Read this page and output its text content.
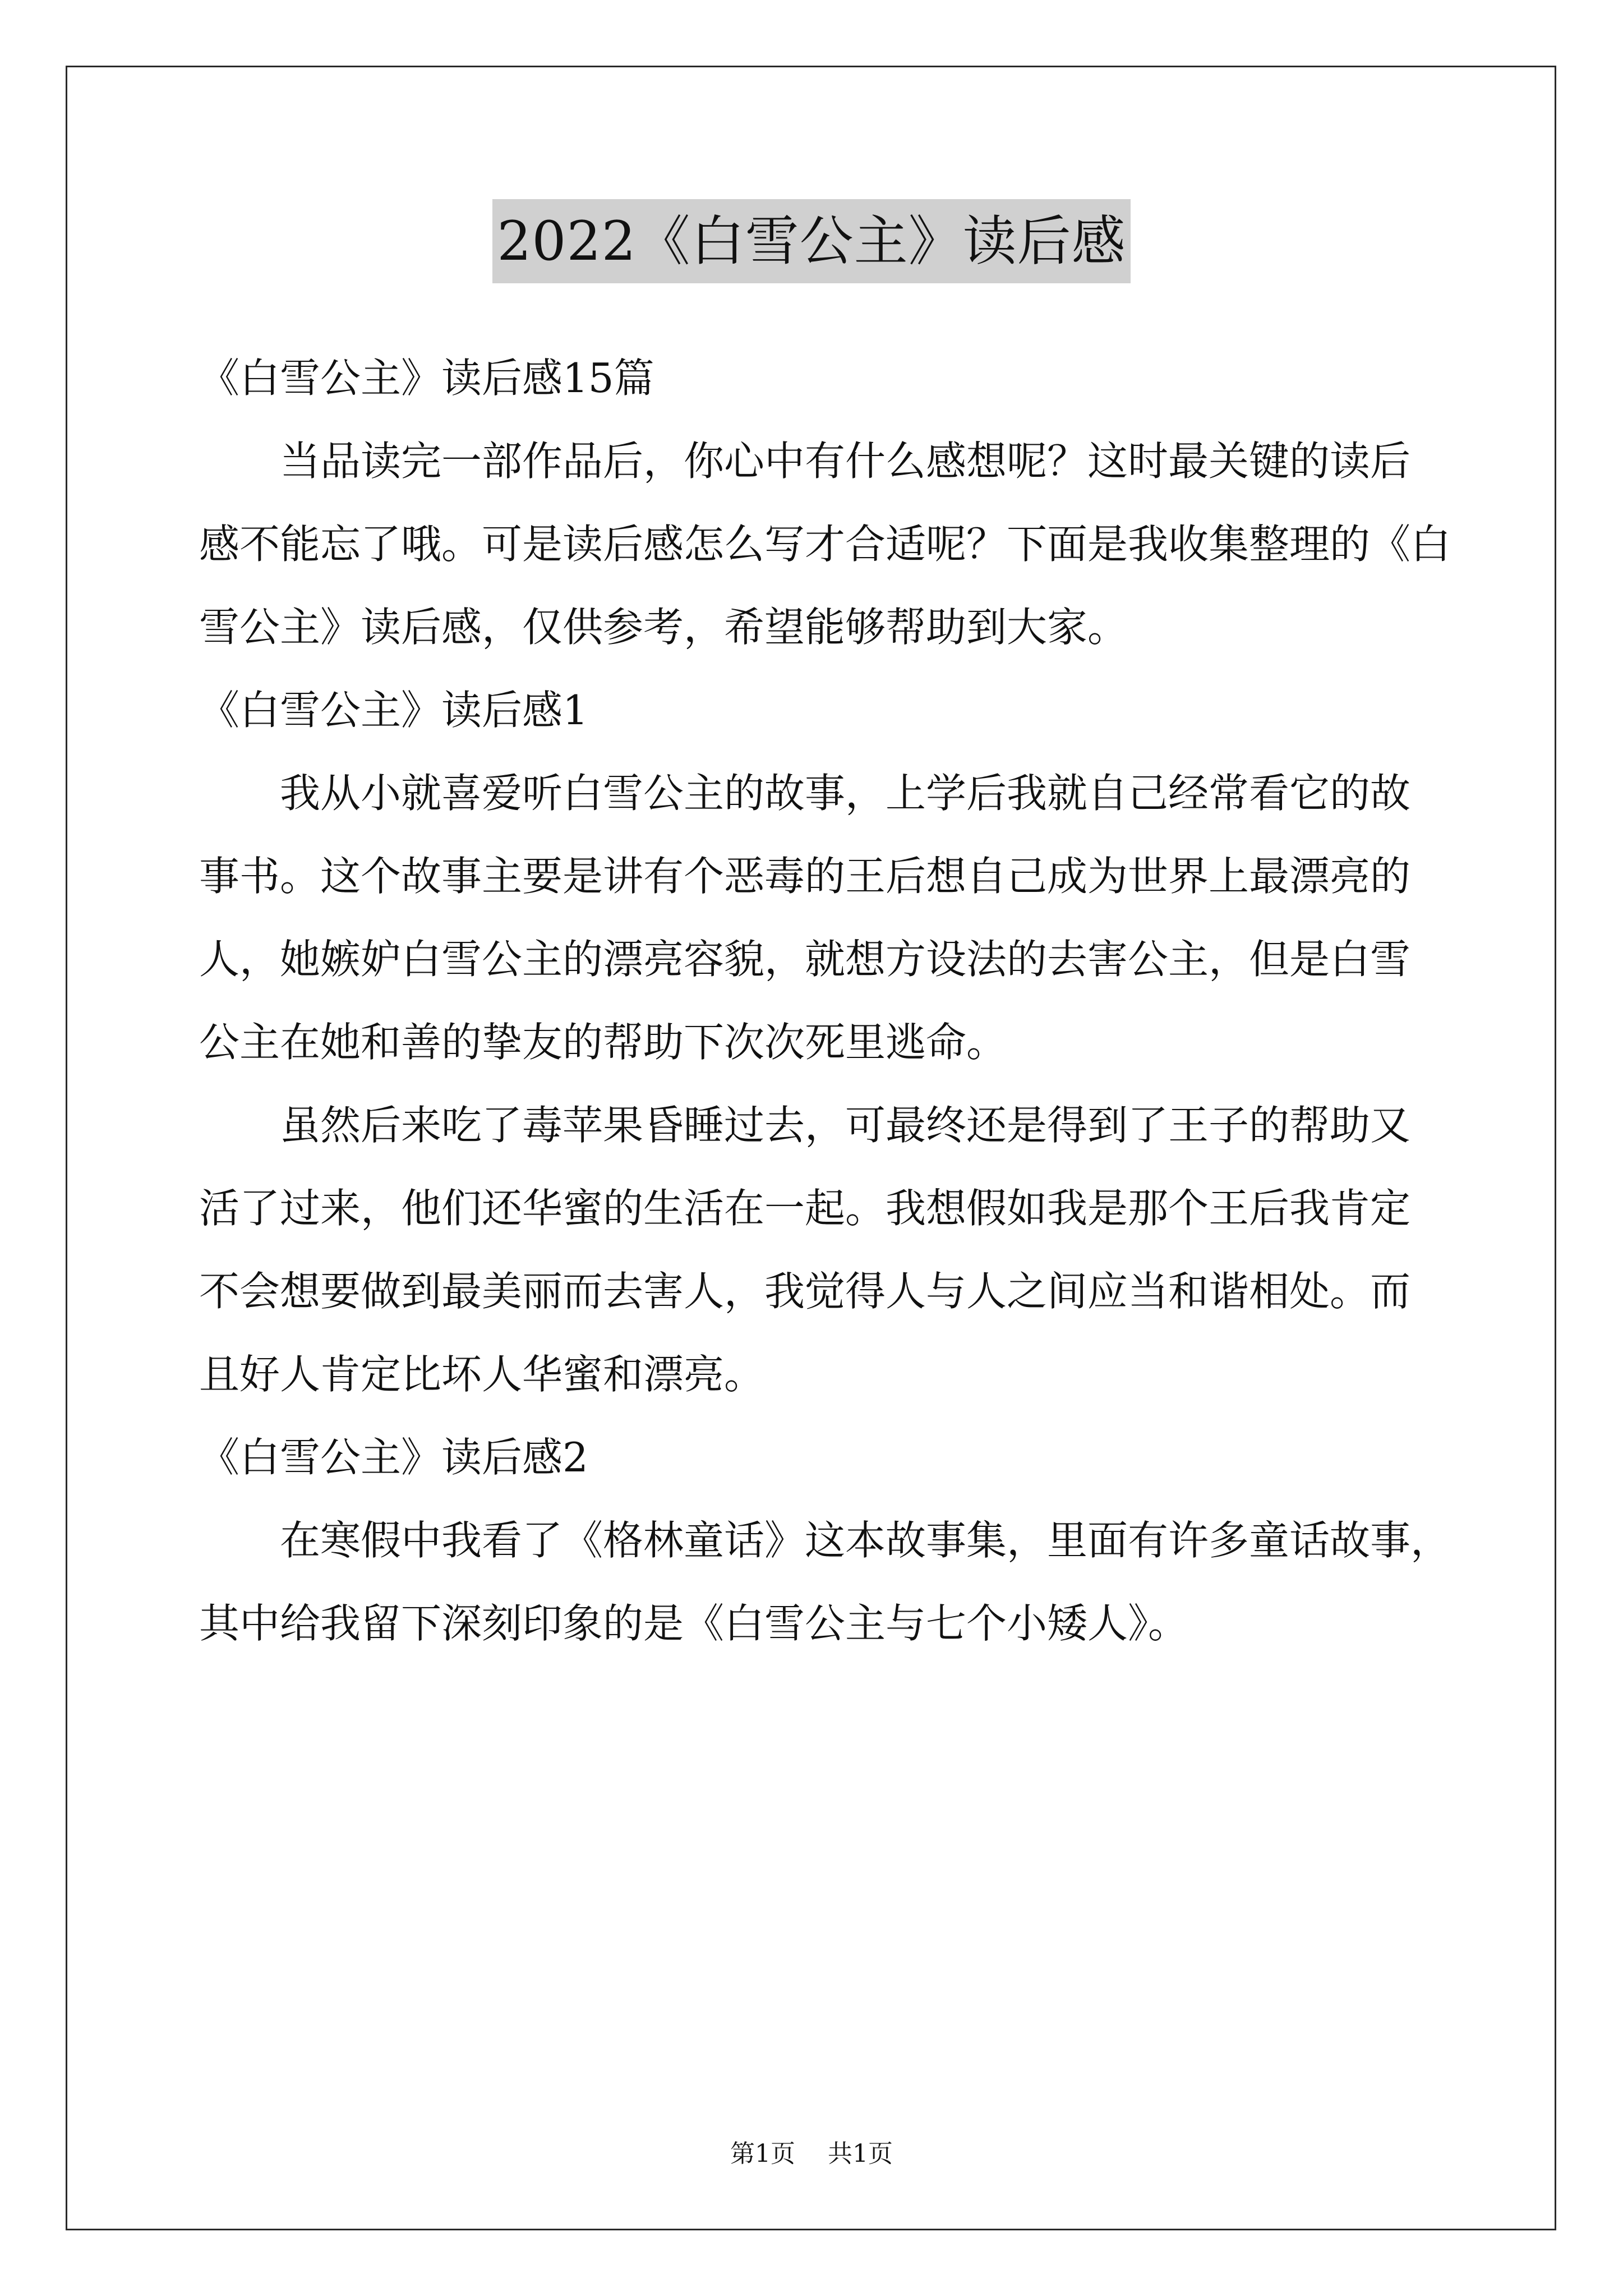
2022《白雪公主》读后感

《白雪公主》读后感15篇

当品读完一部作品后，你心中有什么感想呢？这时最关键的读后

感不能忘了哦。可是读后感怎么写才合适呢？下面是我收集整理的《白

雪公主》读后感，仅供参考，希望能够帮助到大家。

《白雪公主》读后感1

我从小就喜爱听白雪公主的故事，上学后我就自己经常看它的故

事书。这个故事主要是讲有个恶毒的王后想自己成为世界上最漂亮的

人，她嫉妒白雪公主的漂亮容貌，就想方设法的去害公主，但是白雪

公主在她和善的挚友的帮助下次次死里逃命。

虽然后来吃了毒苹果昏睡过去，可最终还是得到了王子的帮助又

活了过来，他们还华蜜的生活在一起。我想假如我是那个王后我肯定

不会想要做到最美丽而去害人，我觉得人与人之间应当和谐相处。而

且好人肯定比坏人华蜜和漂亮。

《白雪公主》读后感2

在寒假中我看了《格林童话》这本故事集，里面有许多童话故事，

其中给我留下深刻印象的是《白雪公主与七个小矮人》。

第1页 共1页
